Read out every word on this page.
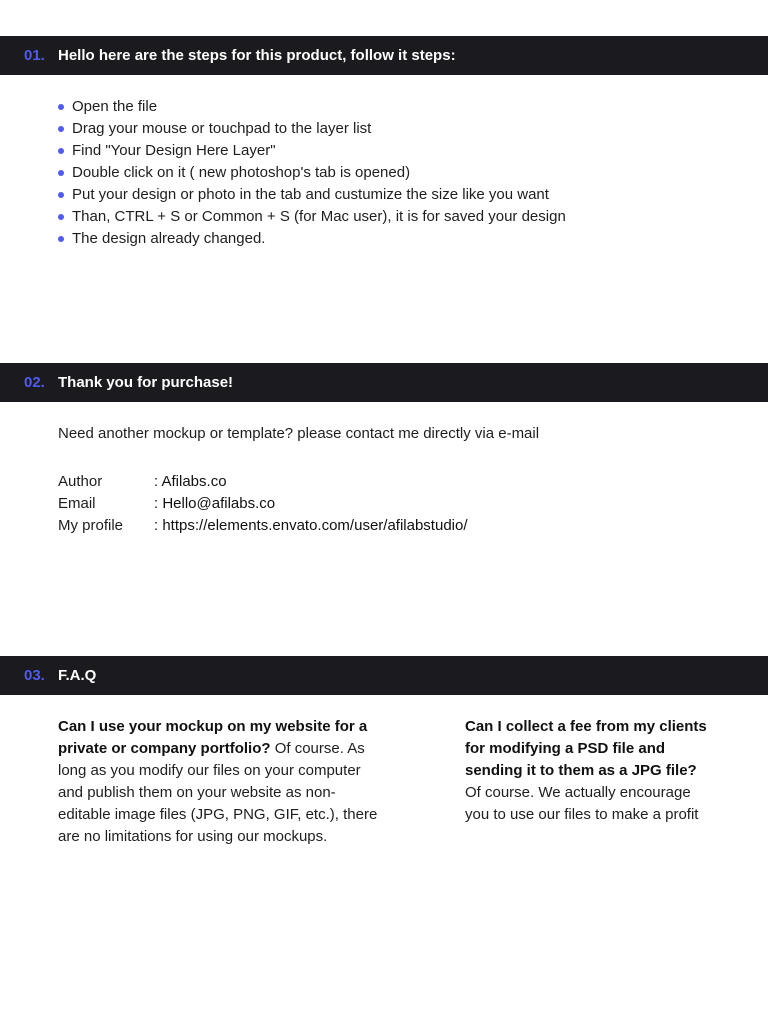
01. Hello here are the steps for this product, follow it steps:
Open the file
Drag your mouse or touchpad to the layer list
Find "Your Design Here Layer"
Double click on it ( new photoshop's tab is opened)
Put your design or photo in the tab and custumize the size like you want
Than, CTRL + S or Common + S (for Mac user), it is for saved your design
The design already changed.
02. Thank you for purchase!
Need another mockup or template? please contact me directly via e-mail
Author	: Afilabs.co
Email	: Hello@afilabs.co
My profile	: https://elements.envato.com/user/afilabstudio/
03. F.A.Q
Can I use your mockup on my website for a private or company portfolio? Of course. As long as you modify our files on your computer and publish them on your website as non-editable image files (JPG, PNG, GIF, etc.), there are no limitations for using our mockups.
Can I collect a fee from my clients for modifying a PSD file and sending it to them as a JPG file? Of course. We actually encourage you to use our files to make a profit
